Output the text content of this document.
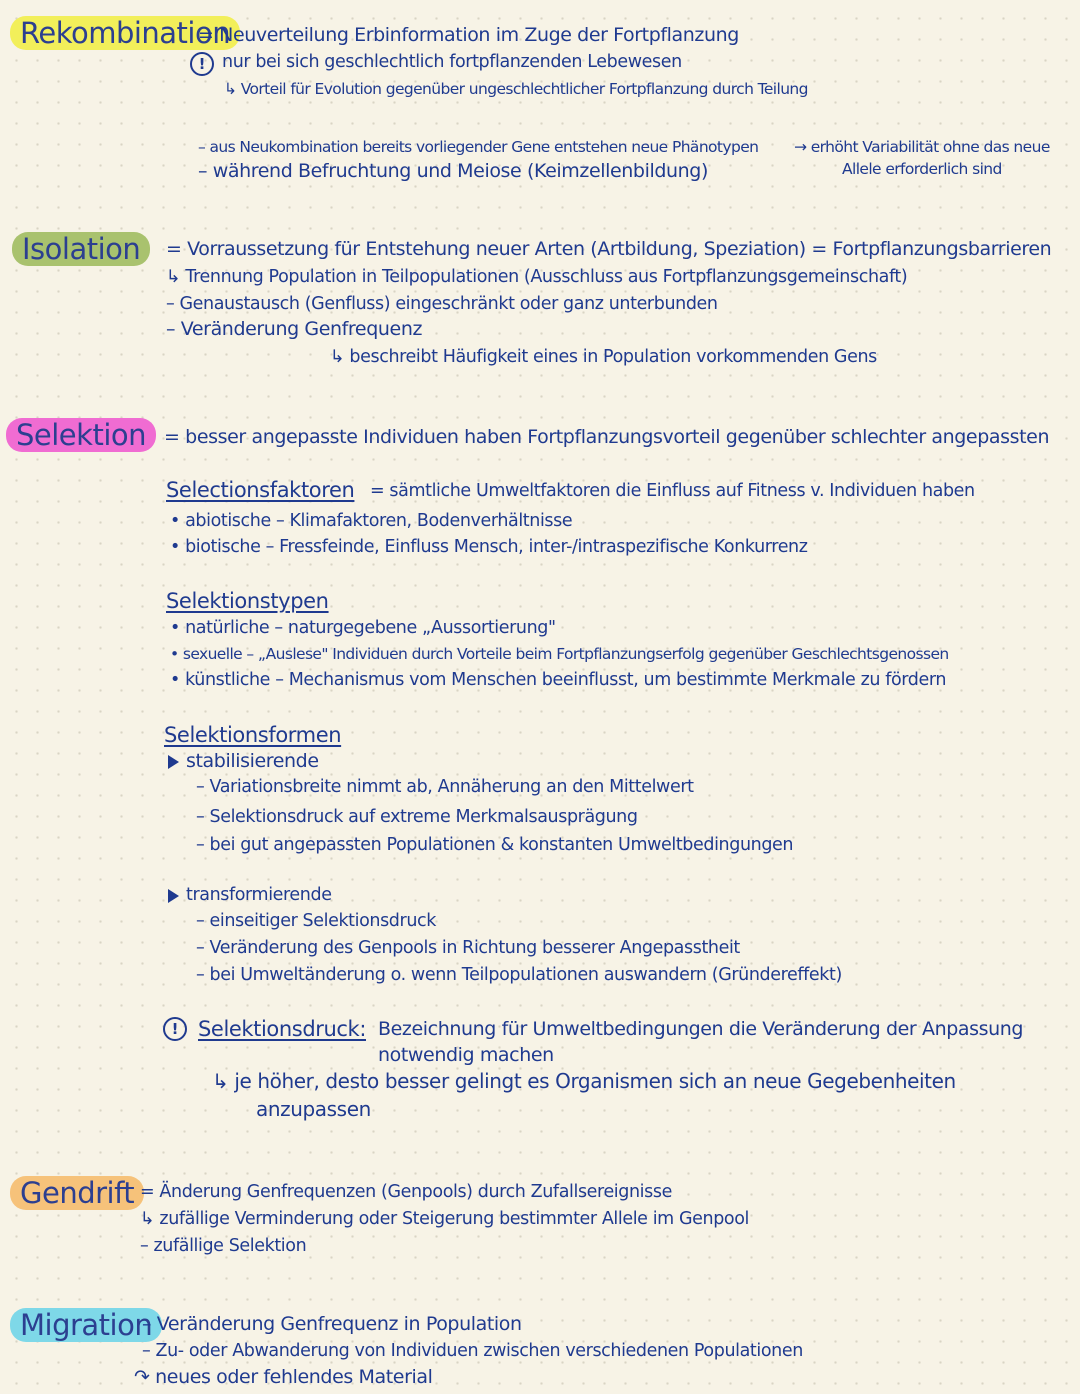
Rekombination
= Neuverteilung Erbinformation im Zuge der Fortpflanzung
! nur bei sich geschlechtlich fortpflanzenden Lebewesen
↳ Vorteil für Evolution gegenüber ungeschlechtlicher Fortpflanzung durch Teilung
– aus Neukombination bereits vorliegender Gene entstehen neue Phänotypen → erhöht Variabilität ohne das neue
Allele erforderlich sind
– während Befruchtung und Meiose (Keimzellenbildung)
Isolation	= Vorraussetzung für Entstehung neuer Arten (Artbildung, Speziation) = Fortpflanzungsbarrieren
↳ Trennung Population in Teilpopulationen (Ausschluss aus Fortpflanzungsgemeinschaft)
– Genaustausch (Genfluss) eingeschränkt oder ganz unterbunden
– Veränderung Genfrequenz
↳ beschreibt Häufigkeit eines in Population vorkommenden Gens
Selektion = besser angepasste Individuen haben Fortpflanzungsvorteil gegenüber schlechter angepassten
Selectionsfaktoren = sämtliche Umweltfaktoren die Einfluss auf Fitness v. Individuen haben
• abiotische – Klimafaktoren, Bodenverhältnisse
• biotische – Fressfeinde, Einfluss Mensch, inter-/intraspezifische Konkurrenz
Selektionstypen
• natürliche – naturgegebene „Aussortierung"
• sexuelle – „Auslese" Individuen durch Vorteile beim Fortpflanzungserfolg gegenüber Geschlechtsgenossen
• künstliche – Mechanismus vom Menschen beeinflusst, um bestimmte Merkmale zu fördern
Selektionsformen
stabilisierende
– Variationsbreite nimmt ab, Annäherung an den Mittelwert
– Selektionsdruck auf extreme Merkmalsausprägung
– bei gut angepassten Populationen & konstanten Umweltbedingungen
transformierende
– einseitiger Selektionsdruck
– Veränderung des Genpools in Richtung besserer Angepasstheit
– bei Umweltänderung o. wenn Teilpopulationen auswandern (Gründereffekt)
! Selektionsdruck: Bezeichnung für Umweltbedingungen die Veränderung der Anpassung
notwendig machen
↳ je höher, desto besser gelingt es Organismen sich an neue Gegebenheiten
anzupassen
Gendrift = Änderung Genfrequenzen (Genpools) durch Zufallsereignisse
↳ zufällige Verminderung oder Steigerung bestimmter Allele im Genpool
– zufällige Selektion
Migration
– Veränderung Genfrequenz in Population
– Zu- oder Abwanderung von Individuen zwischen verschiedenen Populationen
↷ neues oder fehlendes Material
